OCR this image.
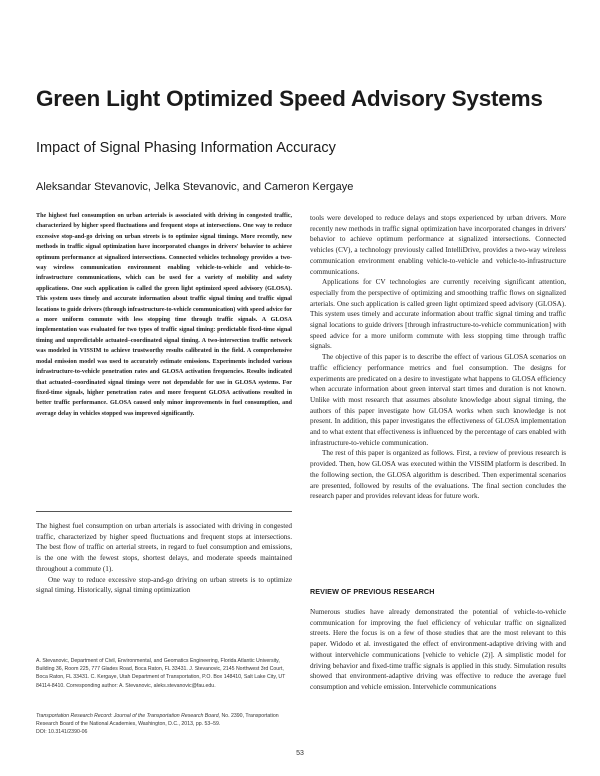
Green Light Optimized Speed Advisory Systems
Impact of Signal Phasing Information Accuracy

Aleksandar Stevanovic, Jelka Stevanovic, and Cameron Kergaye

The highest fuel consumption on urban arterials is associated with driving in congested traffic, characterized by higher speed fluctuations and frequent stops at intersections. One way to reduce excessive stop-and-go driving on urban streets is to optimize signal timings. More recently, new methods in traffic signal optimization have incorporated changes in drivers' behavior to achieve optimum performance at signalized intersections. Connected vehicles technology provides a two-way wireless communication environment enabling vehicle-to-vehicle and vehicle-to-infrastructure communications, which can be used for a variety of mobility and safety applications. One such application is called the green light optimized speed advisory (GLOSA). This system uses timely and accurate information about traffic signal timing and traffic signal locations to guide drivers (through infrastructure-to-vehicle communication) with speed advice for a more uniform commute with less stopping time through traffic signals. A GLOSA implementation was evaluated for two types of traffic signal timing: predictable fixed-time signal timing and unpredictable actuated–coordinated signal timing. A two-intersection traffic network was modeled in VISSIM to achieve trustworthy results calibrated in the field. A comprehensive modal emission model was used to accurately estimate emissions. Experiments included various infrastructure-to-vehicle penetration rates and GLOSA activation frequencies. Results indicated that actuated–coordinated signal timings were not dependable for use in GLOSA systems. For fixed-time signals, higher penetration rates and more frequent GLOSA activations resulted in better traffic performance. GLOSA caused only minor improvements in fuel consumption, and average delay in vehicles stopped was improved significantly.

The highest fuel consumption on urban arterials is associated with driving in congested traffic, characterized by higher speed fluctuations and frequent stops at intersections. The best flow of traffic on arterial streets, in regard to fuel consumption and emissions, is the one with the fewest stops, shortest delays, and moderate speeds maintained throughout a commute (1).

One way to reduce excessive stop-and-go driving on urban streets is to optimize signal timing. Historically, signal timing optimization

A. Stevanovic, Department of Civil, Environmental, and Geomatics Engineering, Florida Atlantic University, Building 36, Room 225, 777 Glades Road, Boca Raton, FL 33431. J. Stevanovic, 2145 Northwest 3rd Court, Boca Raton, FL 33431. C. Kergaye, Utah Department of Transportation, P.O. Box 148410, Salt Lake City, UT 84114-8410. Corresponding author: A. Stevanovic, aleks.stevanovic@fau.edu.

Transportation Research Record: Journal of the Transportation Research Board, No. 2390, Transportation Research Board of the National Academies, Washington, D.C., 2013, pp. 53–59.
DOI: 10.3141/2390-06

tools were developed to reduce delays and stops experienced by urban drivers. More recently new methods in traffic signal optimization have incorporated changes in drivers' behavior to achieve optimum performance at signalized intersections. Connected vehicles (CV), a technology previously called IntelliDrive, provides a two-way wireless communication environment enabling vehicle-to-vehicle and vehicle-to-infrastructure communications.

Applications for CV technologies are currently receiving significant attention, especially from the perspective of optimizing and smoothing traffic flows on signalized arterials. One such application is called green light optimized speed advisory (GLOSA). This system uses timely and accurate information about traffic signal timing and traffic signal locations to guide drivers [through infrastructure-to-vehicle communication] with speed advice for a more uniform commute with less stopping time through traffic signals.

The objective of this paper is to describe the effect of various GLOSA scenarios on traffic efficiency performance metrics and fuel consumption. The designs for experiments are predicated on a desire to investigate what happens to GLOSA efficiency when accurate information about green interval start times and duration is not known. Unlike with most research that assumes absolute knowledge about signal timing, the authors of this paper investigate how GLOSA works when such knowledge is not present. In addition, this paper investigates the effectiveness of GLOSA implementation and to what extent that effectiveness is influenced by the percentage of cars enabled with infrastructure-to-vehicle communication.

The rest of this paper is organized as follows. First, a review of previous research is provided. Then, how GLOSA was executed within the VISSIM platform is described. In the following section, the GLOSA algorithm is described. Then experimental scenarios are presented, followed by results of the evaluations. The final section concludes the research paper and provides relevant ideas for future work.

REVIEW OF PREVIOUS RESEARCH

Numerous studies have already demonstrated the potential of vehicle-to-vehicle communication for improving the fuel efficiency of vehicular traffic on signalized streets. Here the focus is on a few of those studies that are the most relevant to this paper. Widodo et al. investigated the effect of environment-adaptive driving with and without intervehicle communications [vehicle to vehicle (2)]. A simplistic model for driving behavior and fixed-time traffic signals is applied in this study. Simulation results showed that environment-adaptive driving was effective to reduce the average fuel consumption and vehicle emission. Intervehicle communications

53
